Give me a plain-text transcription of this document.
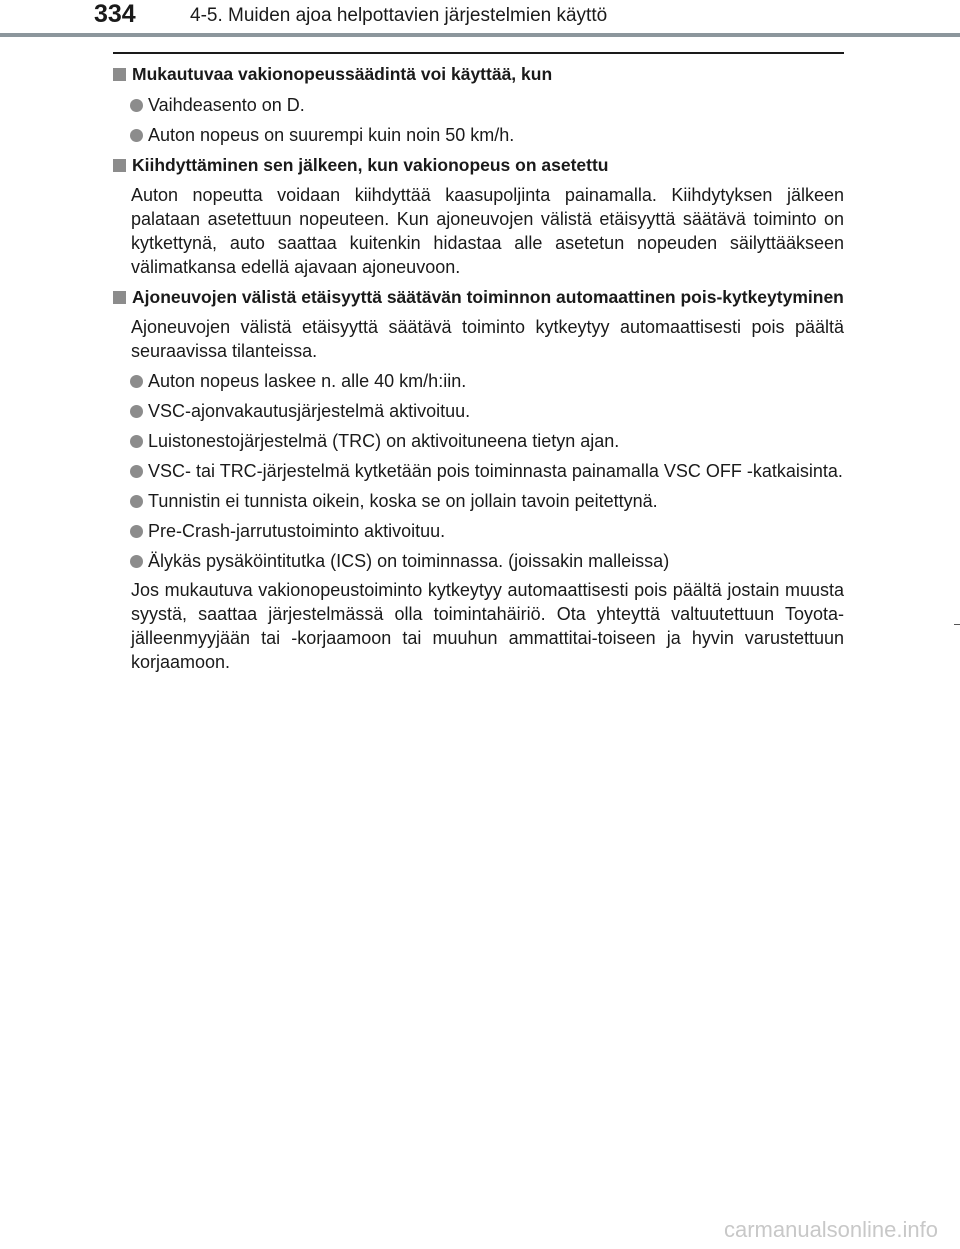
334	4-5. Muiden ajoa helpottavien järjestelmien käyttö
Mukautuvaa vakionopeussäädintä voi käyttää, kun
Vaihdeasento on D.
Auton nopeus on suurempi kuin noin 50 km/h.
Kiihdyttäminen sen jälkeen, kun vakionopeus on asetettu
Auton nopeutta voidaan kiihdyttää kaasupoljinta painamalla. Kiihdytyksen jälkeen palataan asetettuun nopeuteen. Kun ajoneuvojen välistä etäisyyttä säätävä toiminto on kytkettynä, auto saattaa kuitenkin hidastaa alle asetetun nopeuden säilyttääkseen välimatkansa edellä ajavaan ajoneuvoon.
Ajoneuvojen välistä etäisyyttä säätävän toiminnon automaattinen pois-kytkeytyminen
Ajoneuvojen välistä etäisyyttä säätävä toiminto kytkeytyy automaattisesti pois päältä seuraavissa tilanteissa.
Auton nopeus laskee n. alle 40 km/h:iin.
VSC-ajonvakautusjärjestelmä aktivoituu.
Luistonestojärjestelmä (TRC) on aktivoituneena tietyn ajan.
VSC- tai TRC-järjestelmä kytketään pois toiminnasta painamalla VSC OFF -katkaisinta.
Tunnistin ei tunnista oikein, koska se on jollain tavoin peitettynä.
Pre-Crash-jarrutustoiminto aktivoituu.
Älykäs pysäköintitutka (ICS) on toiminnassa. (joissakin malleissa)
Jos mukautuva vakionopeustoiminto kytkeytyy automaattisesti pois päältä jostain muusta syystä, saattaa järjestelmässä olla toimintahäiriö. Ota yhteyttä valtuutettuun Toyota-jälleenmyyjään tai -korjaamoon tai muuhun ammattitai-toiseen ja hyvin varustettuun korjaamoon.
carmanualsonline.info
